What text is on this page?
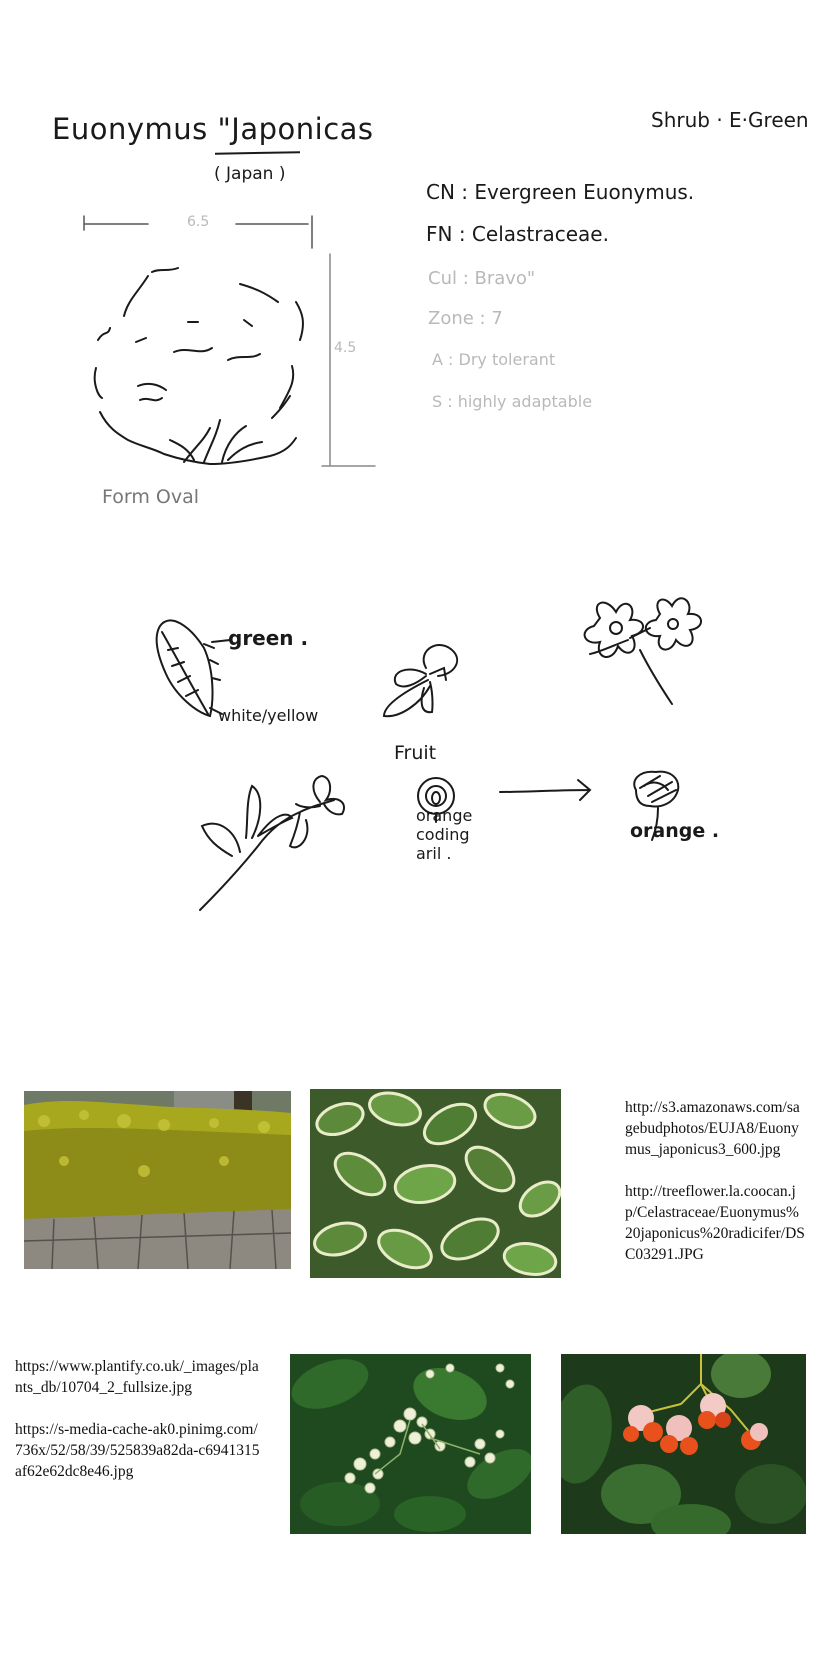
Euonymus "Japonicas
( Japan )
Shrub · E·Green
CN : Evergreen Euonymus.
FN : Celastraceae.
Cul : Bravo"
Zone : 7
A : Dry tolerant
S : highly adaptable
6.5
4.5
Form Oval
green .
white/yellow
Fruit
orange
coding
aril .
orange .

http://s3.amazonaws.com/sagebudphotos/EUJA8/Euonymus_japonicus3_600.jpg

http://treeflower.la.coocan.jp/Celastraceae/Euonymus%20japonicus%20radicifer/DSC03291.JPG

https://www.plantify.co.uk/_images/plants_db/10704_2_fullsize.jpg

https://s-media-cache-ak0.pinimg.com/736x/52/58/39/525839a82da-c6941315af62e62dc8e46.jpg
